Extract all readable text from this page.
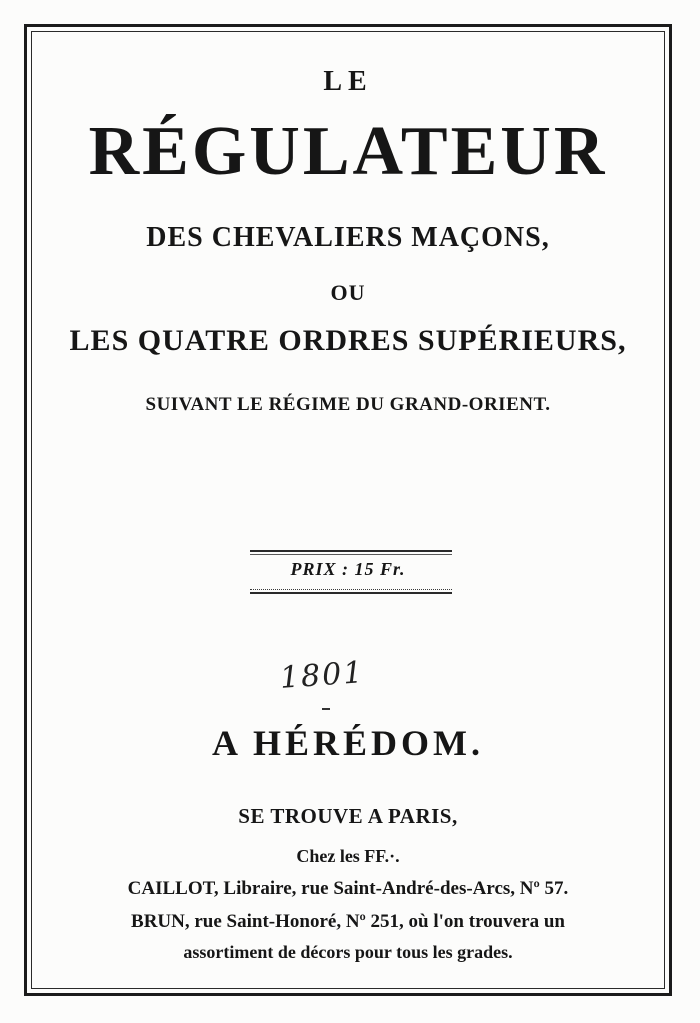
LE
RÉGULATEUR
DES CHEVALIERS MAÇONS,
OU
LES QUATRE ORDRES SUPÉRIEURS,
SUIVANT LE RÉGIME DU GRAND-ORIENT.
PRIX : 15 Fr.
1801
A HÉRÉDOM.
SE TROUVE A PARIS,
Chez les FF.·.
CAILLOT, Libraire, rue Saint-André-des-Arcs, Nº 57.
BRUN, rue Saint-Honoré, Nº 251, où l'on trouvera un
assortiment de décors pour tous les grades.
